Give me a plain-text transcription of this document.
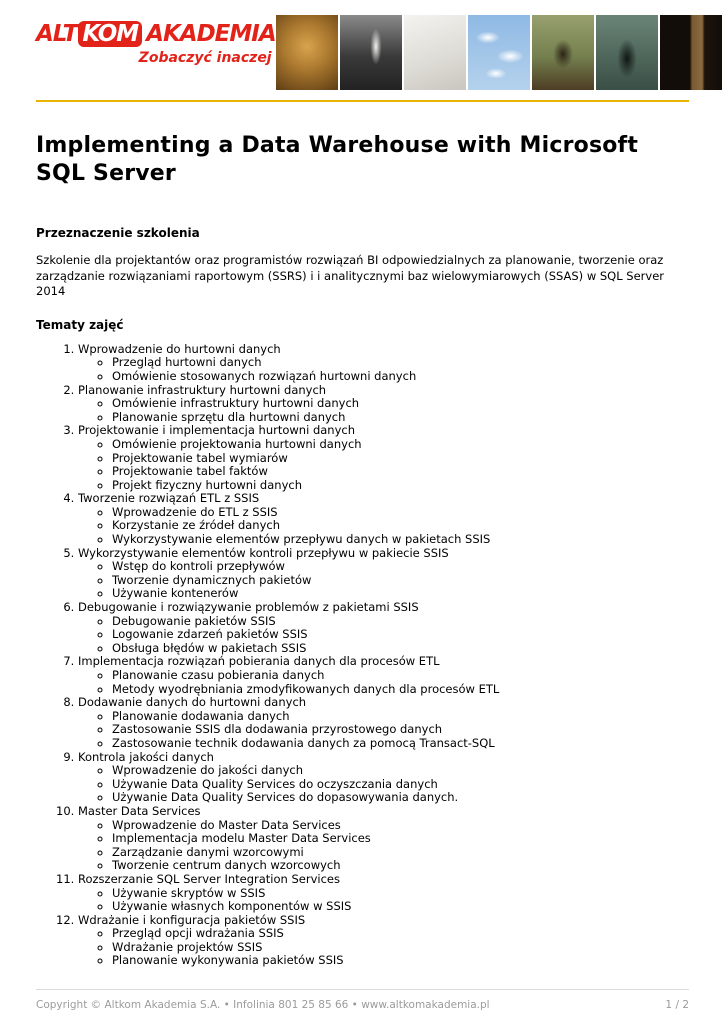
ALT KOM AKADEMIA
Zobaczyć inaczej
Implementing a Data Warehouse with Microsoft SQL Server
Przeznaczenie szkolenia

Szkolenie dla projektantów oraz programistów rozwiązań BI odpowiedzialnych za planowanie, tworzenie oraz zarządzanie rozwiązaniami raportowym (SSRS) i i analitycznymi baz wielowymiarowych (SSAS) w SQL Server 2014

Tematy zajęć
1. Wprowadzenie do hurtowni danych
◦ Przegląd hurtowni danych
◦ Omówienie stosowanych rozwiązań hurtowni danych
2. Planowanie infrastruktury hurtowni danych
◦ Omówienie infrastruktury hurtowni danych
◦ Planowanie sprzętu dla hurtowni danych
3. Projektowanie i implementacja hurtowni danych
◦ Omówienie projektowania hurtowni danych
◦ Projektowanie tabel wymiarów
◦ Projektowanie tabel faktów
◦ Projekt fizyczny hurtowni danych
4. Tworzenie rozwiązań ETL z SSIS
◦ Wprowadzenie do ETL z SSIS
◦ Korzystanie ze źródeł danych
◦ Wykorzystywanie elementów przepływu danych w pakietach SSIS
5. Wykorzystywanie elementów kontroli przepływu w pakiecie SSIS
◦ Wstęp do kontroli przepływów
◦ Tworzenie dynamicznych pakietów
◦ Używanie kontenerów
6. Debugowanie i rozwiązywanie problemów z pakietami SSIS
◦ Debugowanie pakietów SSIS
◦ Logowanie zdarzeń pakietów SSIS
◦ Obsługa błędów w pakietach SSIS
7. Implementacja rozwiązań pobierania danych dla procesów ETL
◦ Planowanie czasu pobierania danych
◦ Metody wyodrębniania zmodyfikowanych danych dla procesów ETL
8. Dodawanie danych do hurtowni danych
◦ Planowanie dodawania danych
◦ Zastosowanie SSIS dla dodawania przyrostowego danych
◦ Zastosowanie technik dodawania danych za pomocą Transact-SQL
9. Kontrola jakości danych
◦ Wprowadzenie do jakości danych
◦ Używanie Data Quality Services do oczyszczania danych
◦ Używanie Data Quality Services do dopasowywania danych.
10. Master Data Services
◦ Wprowadzenie do Master Data Services
◦ Implementacja modelu Master Data Services
◦ Zarządzanie danymi wzorcowymi
◦ Tworzenie centrum danych wzorcowych
11. Rozszerzanie SQL Server Integration Services
◦ Używanie skryptów w SSIS
◦ Używanie własnych komponentów w SSIS
12. Wdrażanie i konfiguracja pakietów SSIS
◦ Przegląd opcji wdrażania SSIS
◦ Wdrażanie projektów SSIS
◦ Planowanie wykonywania pakietów SSIS
Copyright © Altkom Akademia S.A. • Infolinia 801 25 85 66 • www.altkomakademia.pl	1 / 2
